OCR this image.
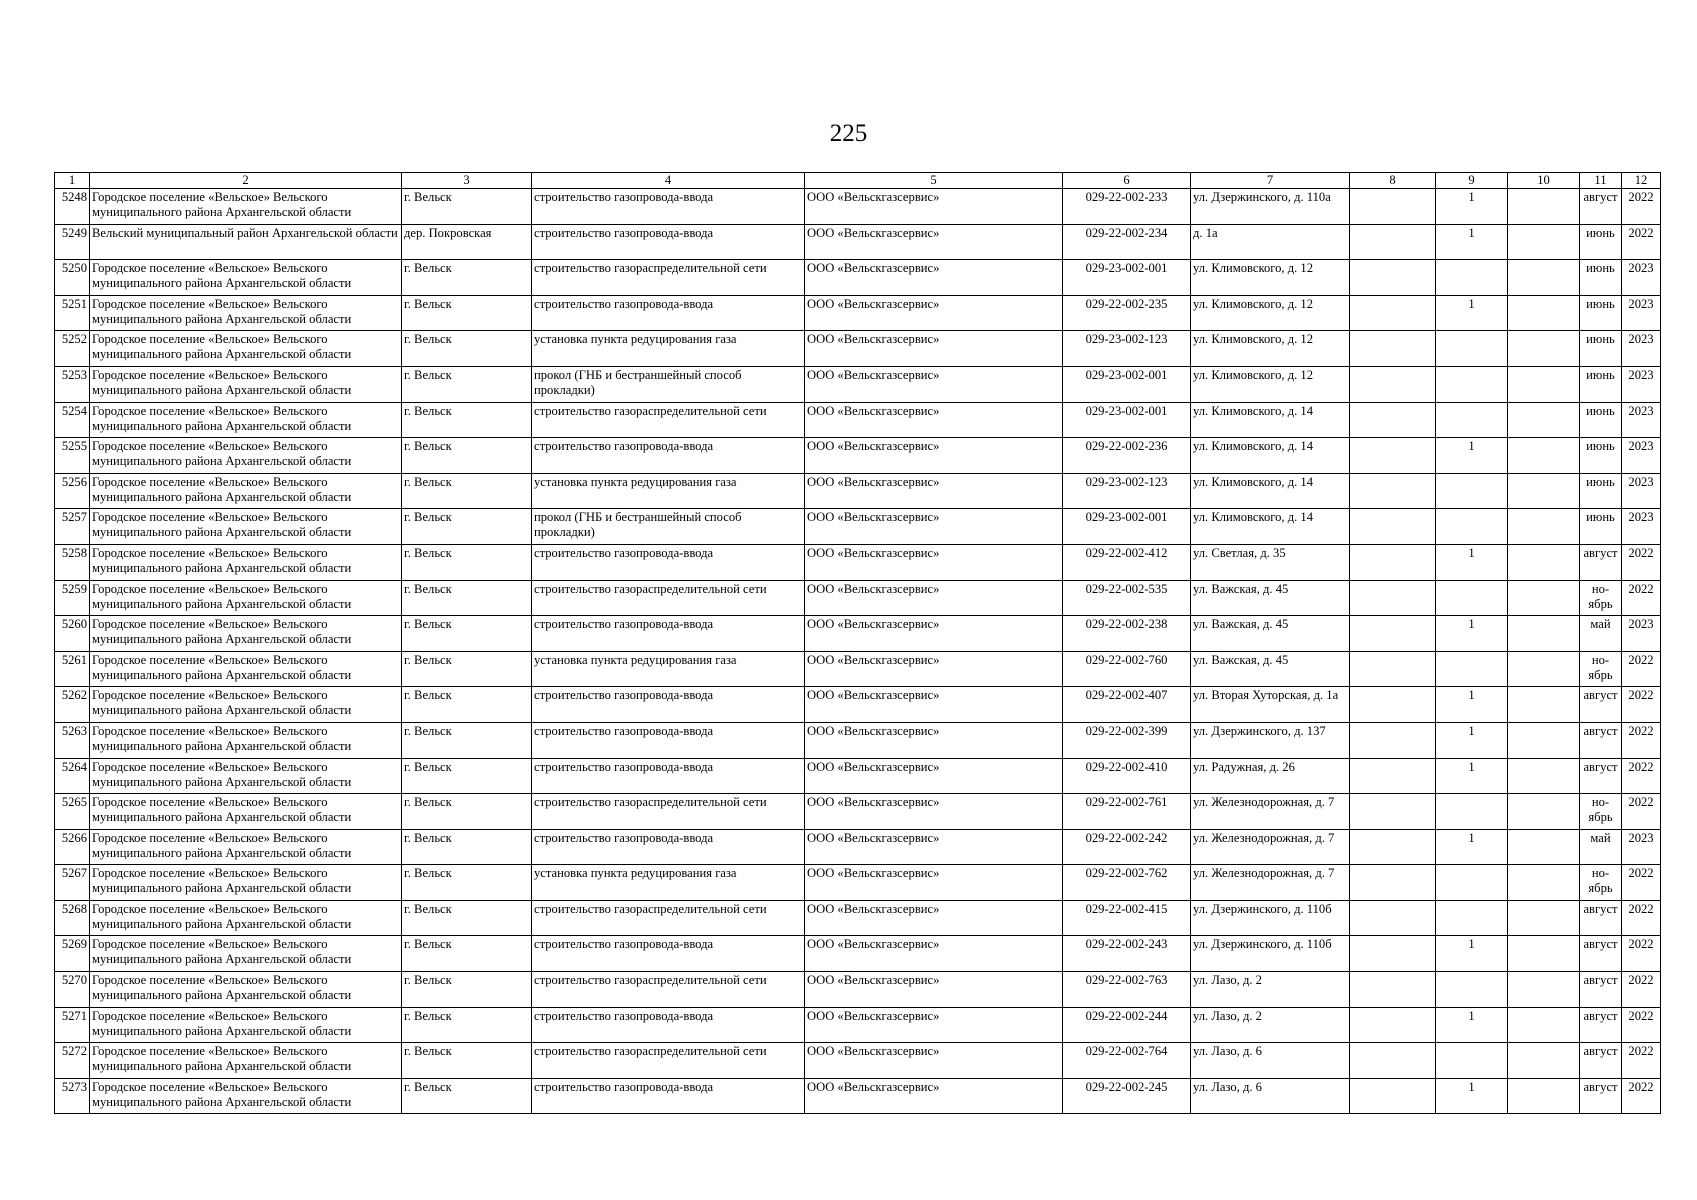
225
1	2	3	4	5	6	7	8	9	10	11	12
5248	Городское поселение «Вельское» Вельского муниципального района Архангельской области	г. Вельск	строительство газопровода-ввода	ООО «Вельскгазсервис»	029-22-002-233	ул. Дзержинского, д. 110а		1		август	2022
5249	Вельский муниципальный район Архангельской области	дер. Покровская	строительство газопровода-ввода	ООО «Вельскгазсервис»	029-22-002-234	д. 1а		1		июнь	2022
5250	Городское поселение «Вельское» Вельского муниципального района Архангельской области	г. Вельск	строительство газораспределительной сети	ООО «Вельскгазсервис»	029-23-002-001	ул. Климовского, д. 12				июнь	2023
5251	Городское поселение «Вельское» Вельского муниципального района Архангельской области	г. Вельск	строительство газопровода-ввода	ООО «Вельскгазсервис»	029-22-002-235	ул. Климовского, д. 12		1		июнь	2023
5252	Городское поселение «Вельское» Вельского муниципального района Архангельской области	г. Вельск	установка пункта редуцирования газа	ООО «Вельскгазсервис»	029-23-002-123	ул. Климовского, д. 12				июнь	2023
5253	Городское поселение «Вельское» Вельского муниципального района Архангельской области	г. Вельск	прокол (ГНБ и бестраншейный способ прокладки)	ООО «Вельскгазсервис»	029-23-002-001	ул. Климовского, д. 12				июнь	2023
5254	Городское поселение «Вельское» Вельского муниципального района Архангельской области	г. Вельск	строительство газораспределительной сети	ООО «Вельскгазсервис»	029-23-002-001	ул. Климовского, д. 14				июнь	2023
5255	Городское поселение «Вельское» Вельского муниципального района Архангельской области	г. Вельск	строительство газопровода-ввода	ООО «Вельскгазсервис»	029-22-002-236	ул. Климовского, д. 14		1		июнь	2023
5256	Городское поселение «Вельское» Вельского муниципального района Архангельской области	г. Вельск	установка пункта редуцирования газа	ООО «Вельскгазсервис»	029-23-002-123	ул. Климовского, д. 14				июнь	2023
5257	Городское поселение «Вельское» Вельского муниципального района Архангельской области	г. Вельск	прокол (ГНБ и бестраншейный способ прокладки)	ООО «Вельскгазсервис»	029-23-002-001	ул. Климовского, д. 14				июнь	2023
5258	Городское поселение «Вельское» Вельского муниципального района Архангельской области	г. Вельск	строительство газопровода-ввода	ООО «Вельскгазсервис»	029-22-002-412	ул. Светлая, д. 35		1		август	2022
5259	Городское поселение «Вельское» Вельского муниципального района Архангельской области	г. Вельск	строительство газораспределительной сети	ООО «Вельскгазсервис»	029-22-002-535	ул. Важская, д. 45				но-ябрь	2022
5260	Городское поселение «Вельское» Вельского муниципального района Архангельской области	г. Вельск	строительство газопровода-ввода	ООО «Вельскгазсервис»	029-22-002-238	ул. Важская, д. 45		1		май	2023
5261	Городское поселение «Вельское» Вельского муниципального района Архангельской области	г. Вельск	установка пункта редуцирования газа	ООО «Вельскгазсервис»	029-22-002-760	ул. Важская, д. 45				но-ябрь	2022
5262	Городское поселение «Вельское» Вельского муниципального района Архангельской области	г. Вельск	строительство газопровода-ввода	ООО «Вельскгазсервис»	029-22-002-407	ул. Вторая Хуторская, д. 1а		1		август	2022
5263	Городское поселение «Вельское» Вельского муниципального района Архангельской области	г. Вельск	строительство газопровода-ввода	ООО «Вельскгазсервис»	029-22-002-399	ул. Дзержинского, д. 137		1		август	2022
5264	Городское поселение «Вельское» Вельского муниципального района Архангельской области	г. Вельск	строительство газопровода-ввода	ООО «Вельскгазсервис»	029-22-002-410	ул. Радужная, д. 26		1		август	2022
5265	Городское поселение «Вельское» Вельского муниципального района Архангельской области	г. Вельск	строительство газораспределительной сети	ООО «Вельскгазсервис»	029-22-002-761	ул. Железнодорожная, д. 7				но-ябрь	2022
5266	Городское поселение «Вельское» Вельского муниципального района Архангельской области	г. Вельск	строительство газопровода-ввода	ООО «Вельскгазсервис»	029-22-002-242	ул. Железнодорожная, д. 7		1		май	2023
5267	Городское поселение «Вельское» Вельского муниципального района Архангельской области	г. Вельск	установка пункта редуцирования газа	ООО «Вельскгазсервис»	029-22-002-762	ул. Железнодорожная, д. 7				но-ябрь	2022
5268	Городское поселение «Вельское» Вельского муниципального района Архангельской области	г. Вельск	строительство газораспределительной сети	ООО «Вельскгазсервис»	029-22-002-415	ул. Дзержинского, д. 110б				август	2022
5269	Городское поселение «Вельское» Вельского муниципального района Архангельской области	г. Вельск	строительство газопровода-ввода	ООО «Вельскгазсервис»	029-22-002-243	ул. Дзержинского, д. 110б		1		август	2022
5270	Городское поселение «Вельское» Вельского муниципального района Архангельской области	г. Вельск	строительство газораспределительной сети	ООО «Вельскгазсервис»	029-22-002-763	ул. Лазо, д. 2				август	2022
5271	Городское поселение «Вельское» Вельского муниципального района Архангельской области	г. Вельск	строительство газопровода-ввода	ООО «Вельскгазсервис»	029-22-002-244	ул. Лазо, д. 2		1		август	2022
5272	Городское поселение «Вельское» Вельского муниципального района Архангельской области	г. Вельск	строительство газораспределительной сети	ООО «Вельскгазсервис»	029-22-002-764	ул. Лазо, д. 6				август	2022
5273	Городское поселение «Вельское» Вельского муниципального района Архангельской области	г. Вельск	строительство газопровода-ввода	ООО «Вельскгазсервис»	029-22-002-245	ул. Лазо, д. 6		1		август	2022
